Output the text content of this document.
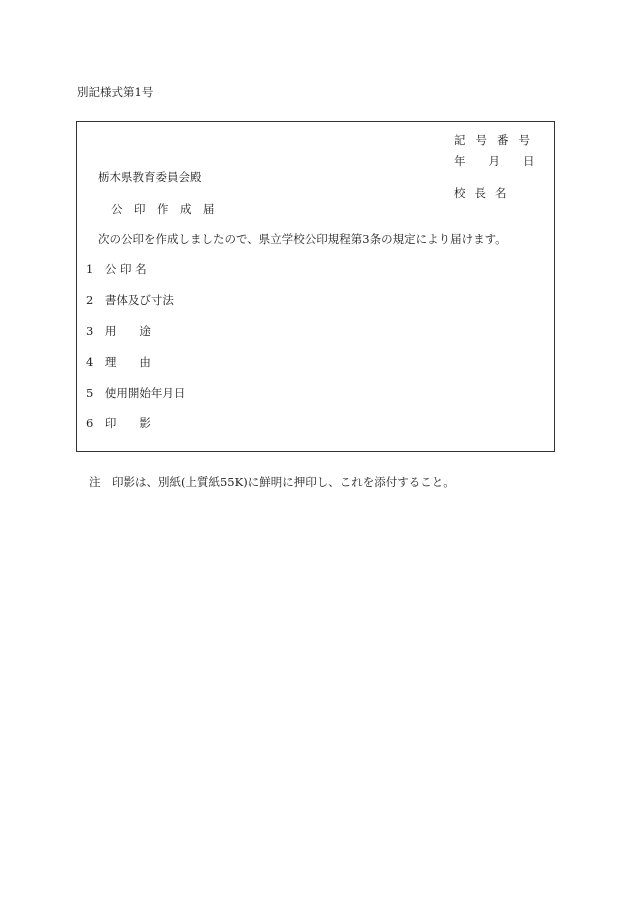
別記様式第1号
記号番号
年　　月　　日
校長名
栃木県教育委員会殿
公　印　作　成　届
次の公印を作成しましたので、県立学校公印規程第3条の規定により届けます。
1　公 印 名
2　書体及び寸法
3　用　　途
4　理　　由
5　使用開始年月日
6　印　　影
注　印影は、別紙(上質紙55K)に鮮明に押印し、これを添付すること。
